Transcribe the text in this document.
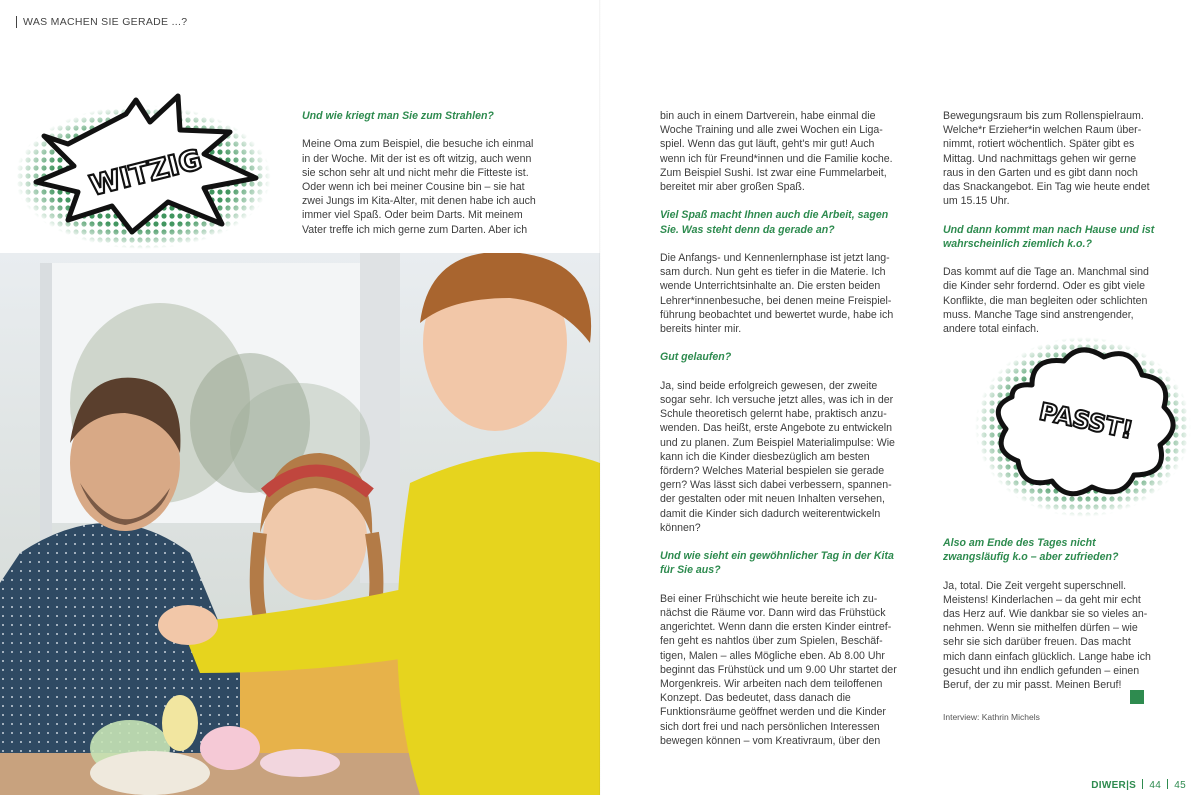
WAS MACHEN SIE GERADE ...?
WITZIG

Und wie kriegt man Sie zum Strahlen?

Meine Oma zum Beispiel, die besuche ich einmal in der Woche. Mit der ist es oft witzig, auch wenn sie schon sehr alt und nicht mehr die Fitteste ist. Oder wenn ich bei meiner Cousine bin – sie hat zwei Jungs im Kita-Alter, mit denen habe ich auch immer viel Spaß. Oder beim Darts. Mit meinem Vater treffe ich mich gerne zum Darten. Aber ich

bin auch in einem Dartverein, habe einmal die Woche Training und alle zwei Wochen ein Liga-spiel. Wenn das gut läuft, geht's mir gut! Auch wenn ich für Freund*innen und die Familie koche. Zum Beispiel Sushi. Ist zwar eine Fummelarbeit, bereitet mir aber großen Spaß.

Viel Spaß macht Ihnen auch die Arbeit, sagen Sie. Was steht denn da gerade an?

Die Anfangs- und Kennenlernphase ist jetzt lang-sam durch. Nun geht es tiefer in die Materie. Ich wende Unterrichtsinhalte an. Die ersten beiden Lehrer*innenbesuche, bei denen meine Freispiel-führung beobachtet und bewertet wurde, habe ich bereits hinter mir.

Gut gelaufen?

Ja, sind beide erfolgreich gewesen, der zweite sogar sehr. Ich versuche jetzt alles, was ich in der Schule theoretisch gelernt habe, praktisch anzu-wenden. Das heißt, erste Angebote zu entwickeln und zu planen. Zum Beispiel Materialimpulse: Wie kann ich die Kinder diesbezüglich am besten fördern? Welches Material bespielen sie gerade gern? Was lässt sich dabei verbessern, spannen-der gestalten oder mit neuen Inhalten versehen, damit die Kinder sich dadurch weiterentwickeln können?

Und wie sieht ein gewöhnlicher Tag in der Kita für Sie aus?

Bei einer Frühschicht wie heute bereite ich zu-nächst die Räume vor. Dann wird das Frühstück angerichtet. Wenn dann die ersten Kinder eintref-fen geht es nahtlos über zum Spielen, Beschäf-tigen, Malen – alles Mögliche eben. Ab 8.00 Uhr beginnt das Frühstück und um 9.00 Uhr startet der Morgenkreis. Wir arbeiten nach dem teiloffenen Konzept. Das bedeutet, dass danach die Funktionsräume geöffnet werden und die Kinder sich dort frei und nach persönlichen Interessen bewegen können – vom Kreativraum, über den

Bewegungsraum bis zum Rollenspielraum. Welche*r Erzieher*in welchen Raum über-nimmt, rotiert wöchentlich. Später gibt es Mittag. Und nachmittags gehen wir gerne raus in den Garten und es gibt dann noch das Snackangebot. Ein Tag wie heute endet um 15.15 Uhr.

Und dann kommt man nach Hause und ist wahrscheinlich ziemlich k.o.?

Das kommt auf die Tage an. Manchmal sind die Kinder sehr fordernd. Oder es gibt viele Konflikte, die man begleiten oder schlichten muss. Manche Tage sind anstrengender, andere total einfach.

PASST!

Also am Ende des Tages nicht zwangsläufig k.o – aber zufrieden?

Ja, total. Die Zeit vergeht superschnell. Meistens! Kinderlachen – da geht mir echt das Herz auf. Wie dankbar sie so vieles an-nehmen. Wenn sie mithelfen dürfen – wie sehr sie sich darüber freuen. Das macht mich dann einfach glücklich. Lange habe ich gesucht und ihn endlich gefunden – einen Beruf, der zu mir passt. Meinen Beruf!

Interview: Kathrin Michels
DIWER|S 44 45
